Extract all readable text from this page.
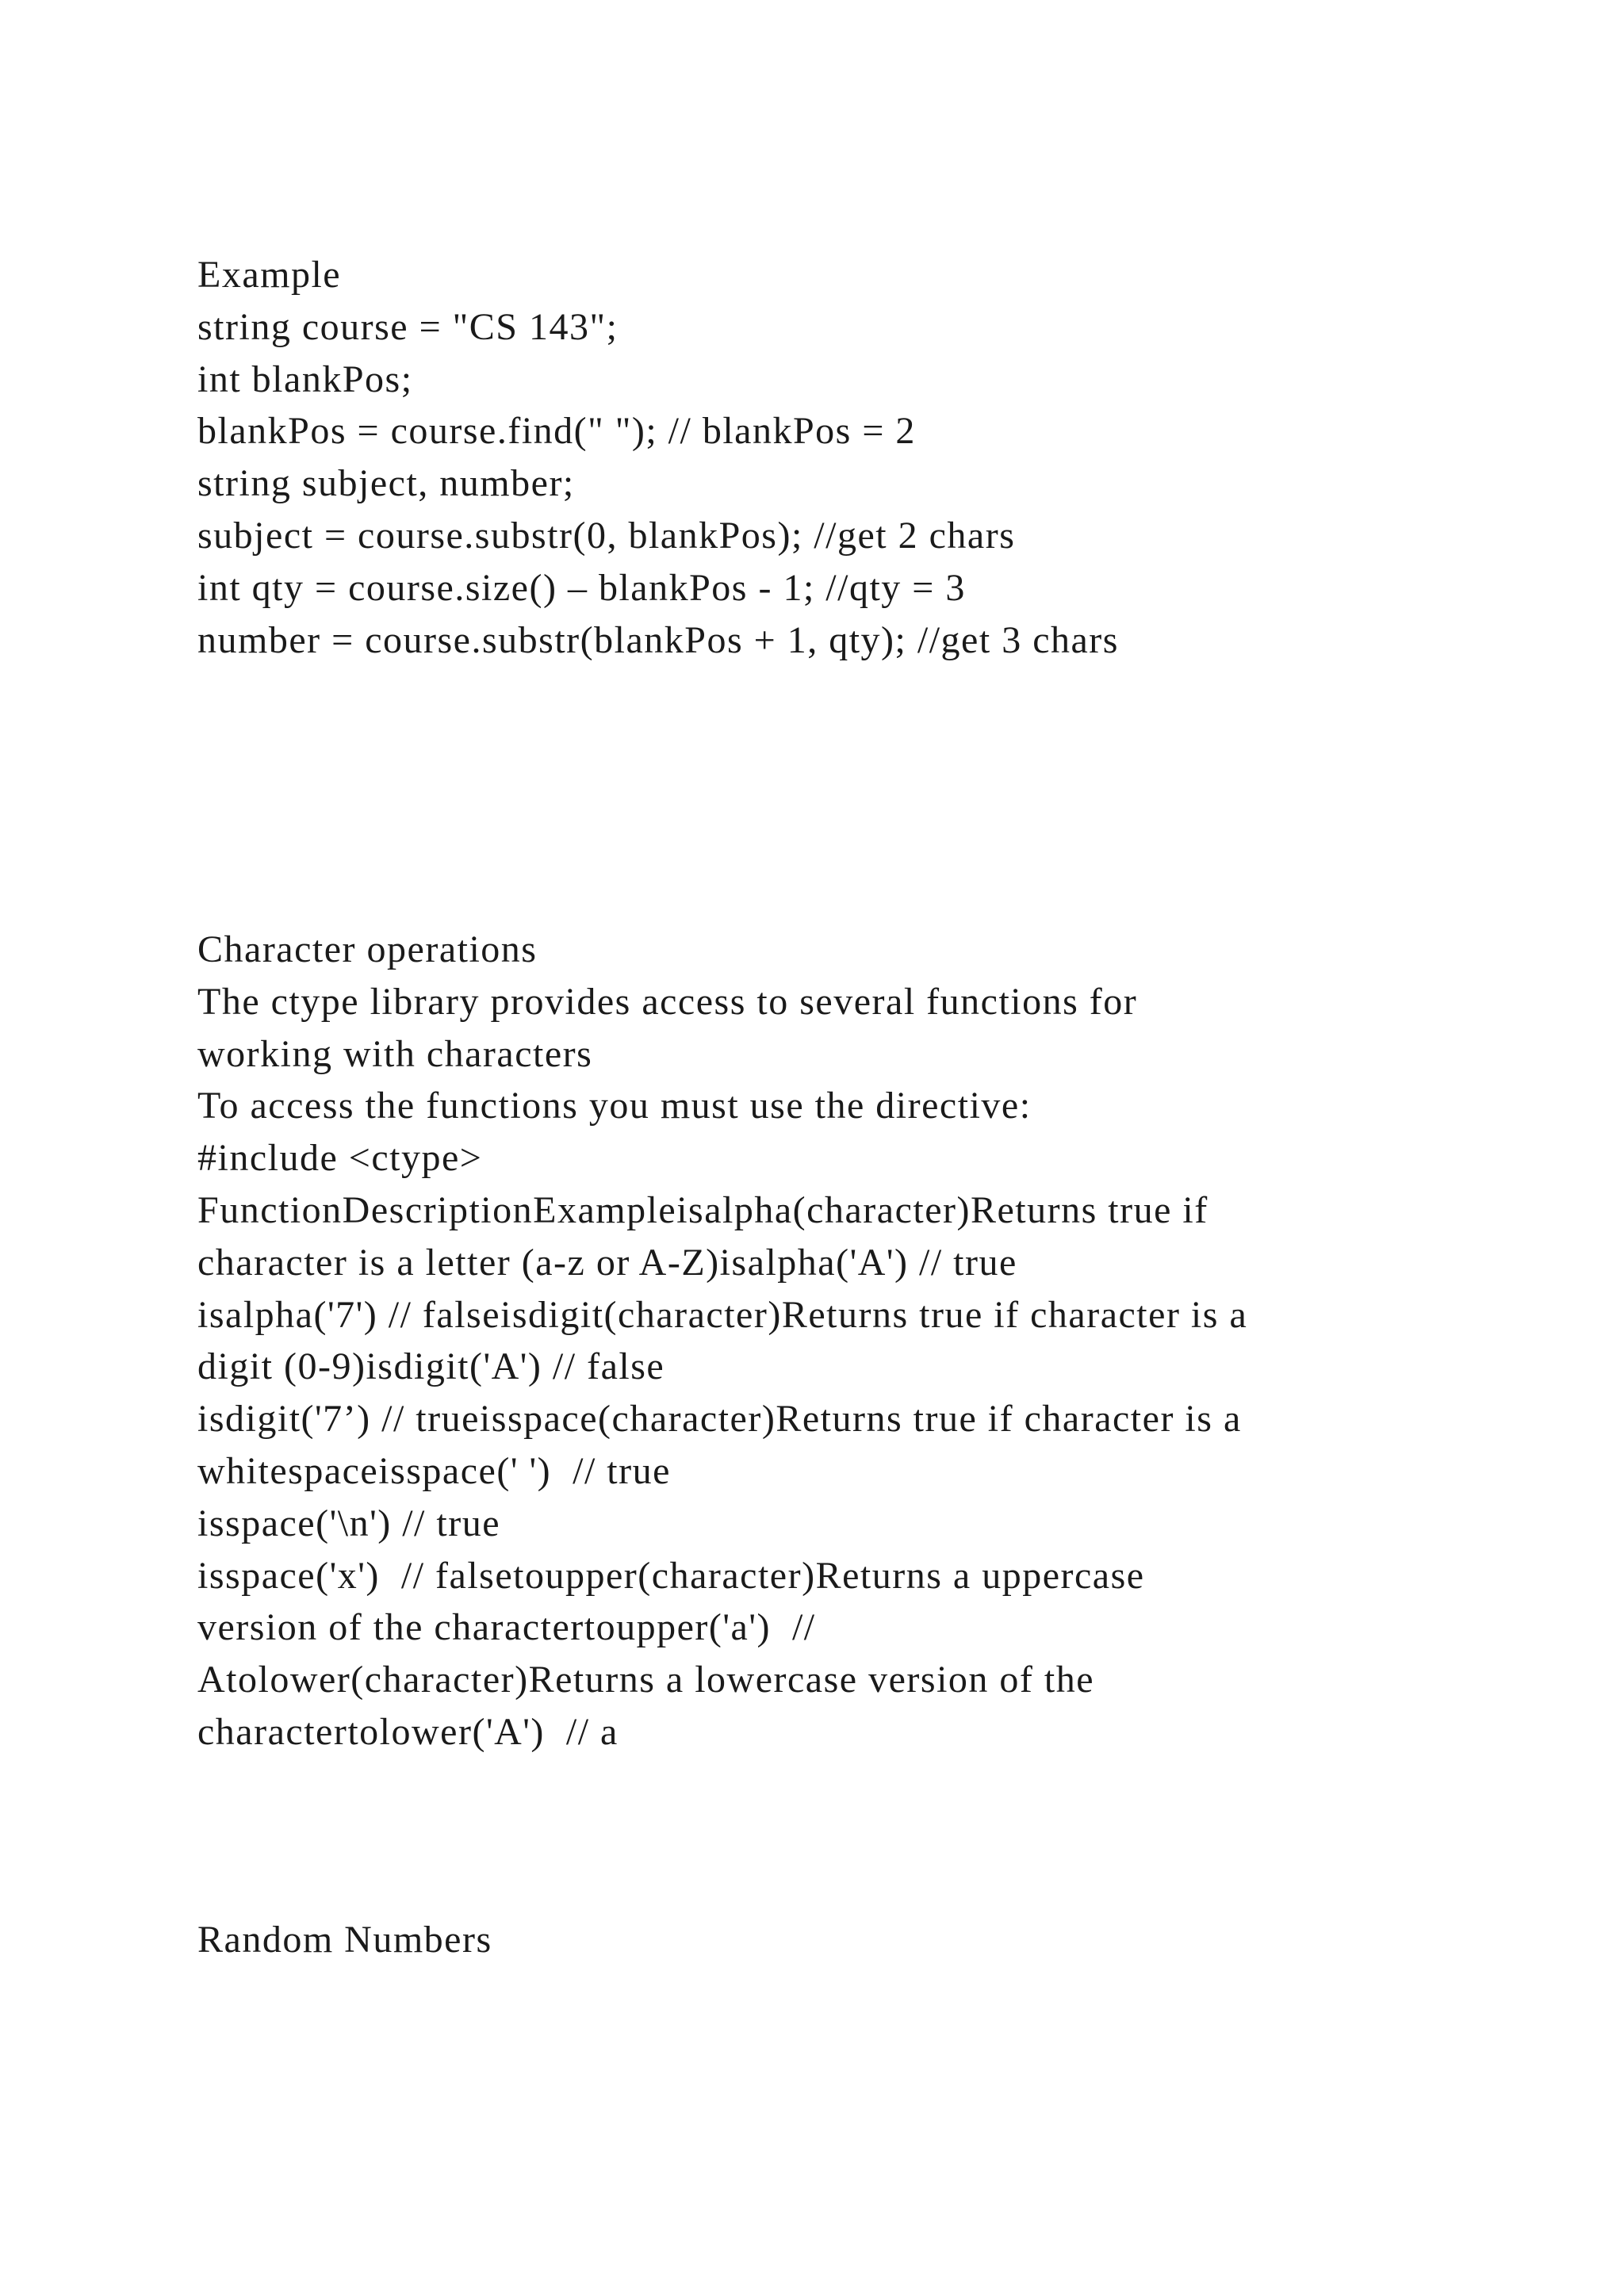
Example
string course = "CS 143";
int blankPos;
blankPos = course.find(" "); // blankPos = 2
string subject, number;
subject = course.substr(0, blankPos); //get 2 chars
int qty = course.size() – blankPos - 1; //qty = 3
number = course.substr(blankPos + 1, qty); //get 3 chars
Character operations
The ctype library provides access to several functions for
working with characters
To access the functions you must use the directive:
#include <ctype>
FunctionDescriptionExampleisalpha(character)Returns true if
character is a letter (a-z or A-Z)isalpha('A') // true
isalpha('7') // falseisdigit(character)Returns true if character is a
digit (0-9)isdigit('A') // false
isdigit('7’) // trueisspace(character)Returns true if character is a
whitespaceisspace(' ')  // true
isspace('\n') // true
isspace('x')  // falsetoupper(character)Returns a uppercase
version of the charactertoupper('a')  //
Atolower(character)Returns a lowercase version of the
charactertolower('A')  // a
Random Numbers
